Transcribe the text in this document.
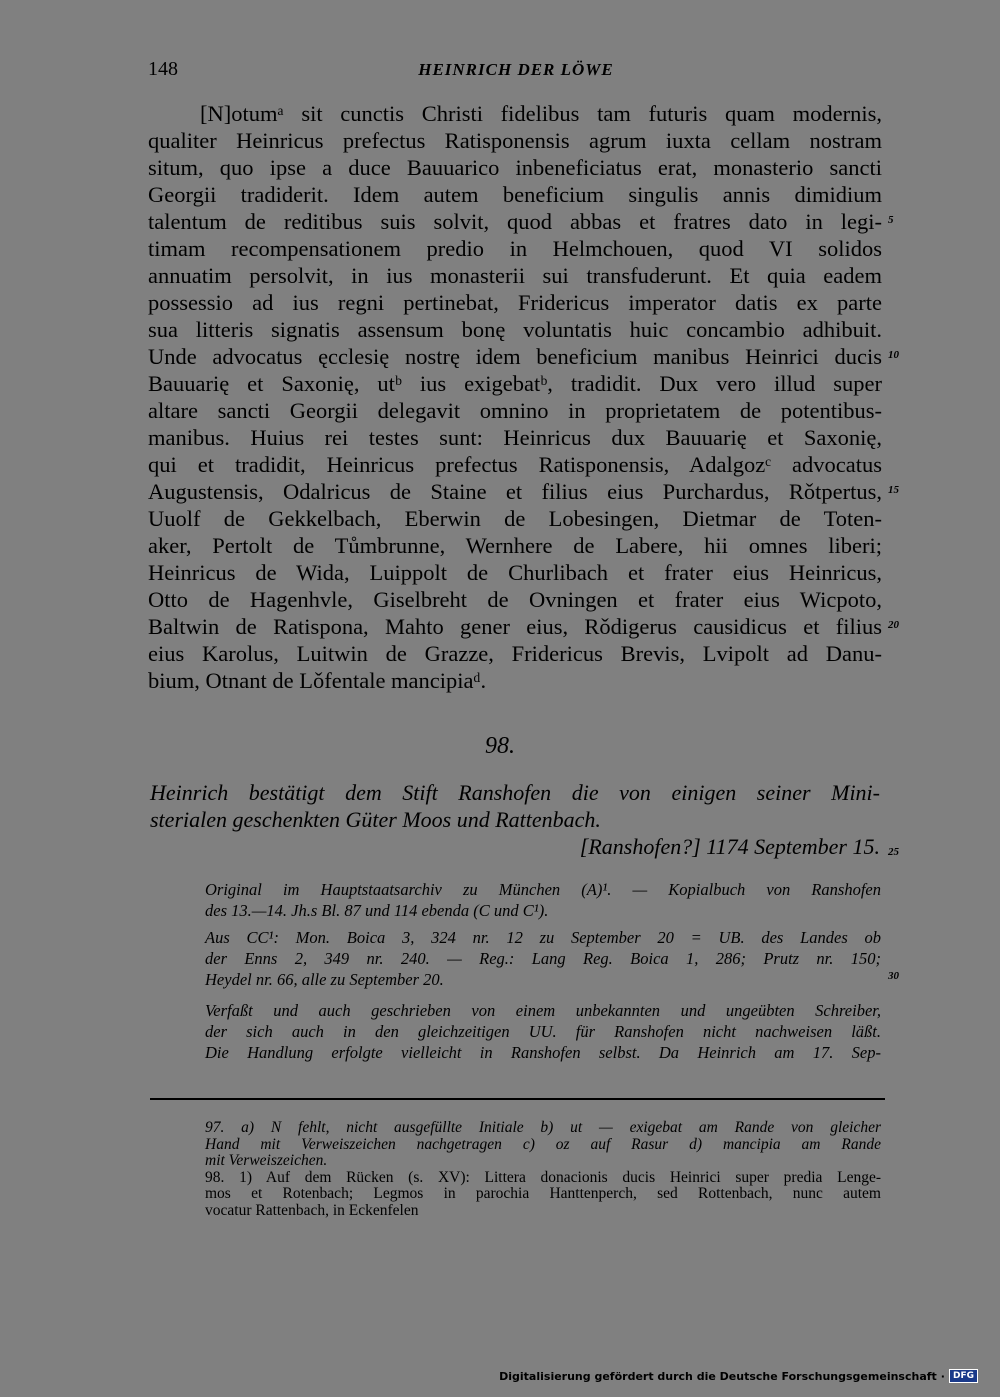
148	HEINRICH DER LÖWE
[N]otumᵃ sit cunctis Christi fidelibus tam futuris quam modernis,
qualiter Heinricus prefectus Ratisponensis agrum iuxta cellam nostram
situm, quo ipse a duce Bauuarico inbeneficiatus erat, monasterio sancti
Georgii tradiderit. Idem autem beneficium singulis annis dimidium
talentum de reditibus suis solvit, quod abbas et fratres dato in legi-
timam recompensationem predio in Helmchouen, quod VI solidos
annuatim persolvit, in ius monasterii sui transfuderunt. Et quia eadem
possessio ad ius regni pertinebat, Fridericus imperator datis ex parte
sua litteris signatis assensum bonę voluntatis huic concambio adhibuit.
Unde advocatus ęcclesię nostrę idem beneficium manibus Heinrici ducis
Bauuarię et Saxonię, utᵇ ius exigebatᵇ, tradidit. Dux vero illud super
altare sancti Georgii delegavit omnino in proprietatem de potentibus-
manibus. Huius rei testes sunt: Heinricus dux Bauuarię et Saxonię,
qui et tradidit, Heinricus prefectus Ratisponensis, Adalgozᶜ advocatus
Augustensis, Odalricus de Staine et filius eius Purchardus, Rǒtpertus,
Uuolf de Gekkelbach, Eberwin de Lobesingen, Dietmar de Toten-
aker, Pertolt de Tůmbrunne, Wernhere de Labere, hii omnes liberi;
Heinricus de Wida, Luippolt de Churlibach et frater eius Heinricus,
Otto de Hagenhvle, Giselbreht de Ovningen et frater eius Wicpoto,
Baltwin de Ratispona, Mahto gener eius, Rǒdigerus causidicus et filius
eius Karolus, Luitwin de Grazze, Fridericus Brevis, Lvipolt ad Danu-
bium, Otnant de Lǒfentale mancipiaᵈ.
5
10
15
20
98.
Heinrich bestätigt dem Stift Ranshofen die von einigen seiner Mini-
sterialen geschenkten Güter Moos und Rattenbach.
[Ranshofen?] 1174 September 15. 25
Original im Hauptstaatsarchiv zu München (A)¹. — Kopialbuch von Ranshofen
des 13.—14. Jh.s Bl. 87 und 114 ebenda (C und C¹).
Aus CC¹: Mon. Boica 3, 324 nr. 12 zu September 20 = UB. des Landes ob
der Enns 2, 349 nr. 240. — Reg.: Lang Reg. Boica 1, 286; Prutz nr. 150;
Heydel nr. 66, alle zu September 20.	30
Verfaßt und auch geschrieben von einem unbekannten und ungeübten Schreiber,
der sich auch in den gleichzeitigen UU. für Ranshofen nicht nachweisen läßt.
Die Handlung erfolgte vielleicht in Ranshofen selbst. Da Heinrich am 17. Sep-
97. a) N fehlt, nicht ausgefüllte Initiale b) ut — exigebat am Rande von gleicher
Hand mit Verweiszeichen nachgetragen c) oz auf Rasur d) mancipia am Rande
mit Verweiszeichen.
98. 1) Auf dem Rücken (s. XV): Littera donacionis ducis Heinrici super predia Lenge-
mos et Rotenbach; Legmos in parochia Hanttenperch, sed Rottenbach, nunc autem
vocatur Rattenbach, in Eckenfelen
Digitalisierung gefördert durch die Deutsche Forschungsgemeinschaft · DFG
